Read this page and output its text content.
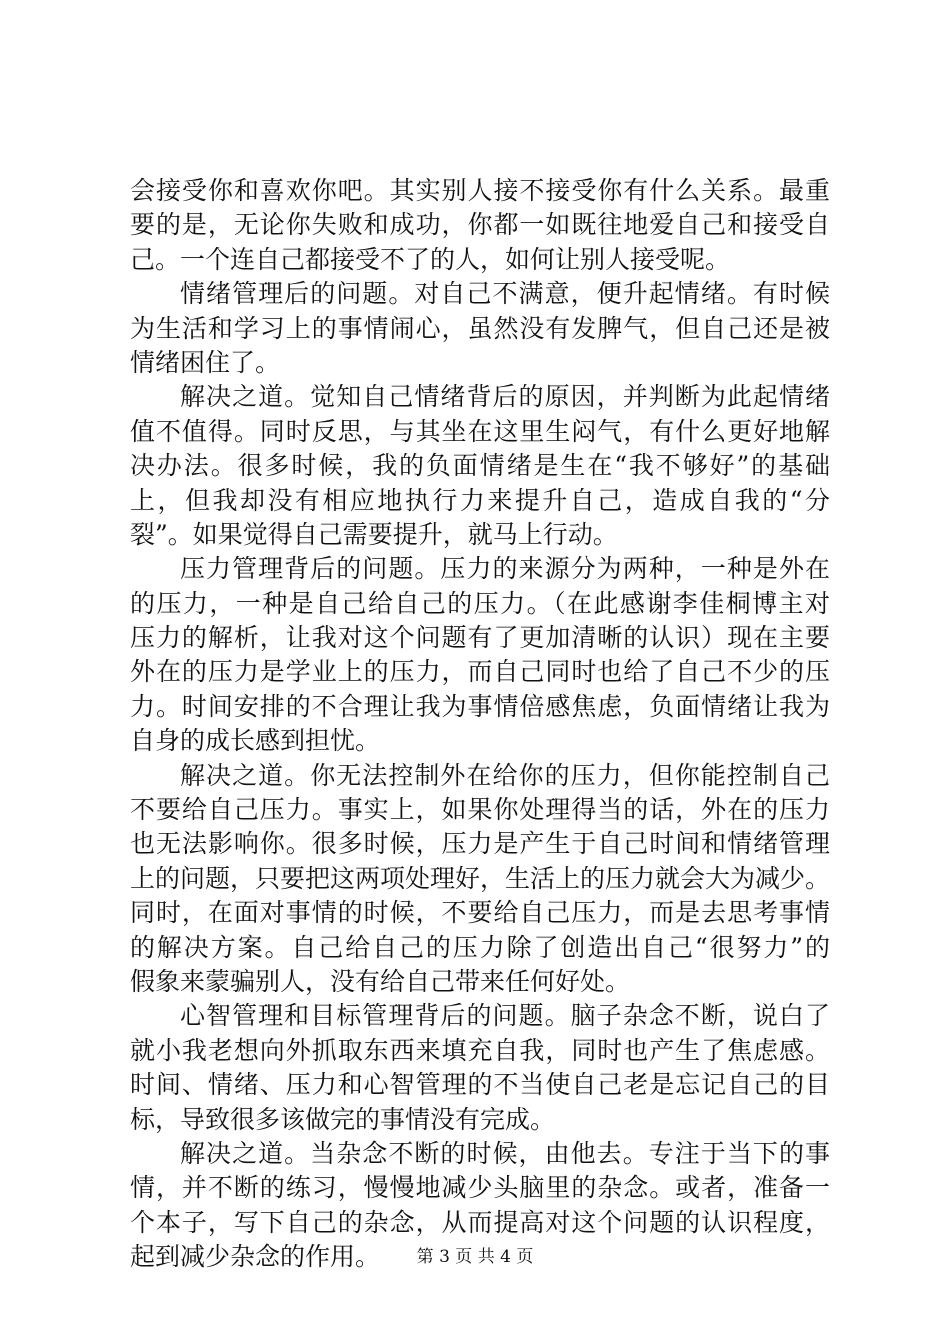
会接受你和喜欢你吧。其实别人接不接受你有什么关系。最重
要的是，无论你失败和成功，你都一如既往地爱自己和接受自
己。一个连自己都接受不了的人，如何让别人接受呢。
情绪管理后的问题。对自己不满意，便升起情绪。有时候
为生活和学习上的事情闹心，虽然没有发脾气，但自己还是被
情绪困住了。
解决之道。觉知自己情绪背后的原因，并判断为此起情绪
值不值得。同时反思，与其坐在这里生闷气，有什么更好地解
决办法。很多时候，我的负面情绪是生在“我不够好”的基础
上，但我却没有相应地执行力来提升自己，造成自我的“分
裂”。如果觉得自己需要提升，就马上行动。
压力管理背后的问题。压力的来源分为两种，一种是外在
的压力，一种是自己给自己的压力。（在此感谢李佳桐博主对
压力的解析，让我对这个问题有了更加清晰的认识）现在主要
外在的压力是学业上的压力，而自己同时也给了自己不少的压
力。时间安排的不合理让我为事情倍感焦虑，负面情绪让我为
自身的成长感到担忧。
解决之道。你无法控制外在给你的压力，但你能控制自己
不要给自己压力。事实上，如果你处理得当的话，外在的压力
也无法影响你。很多时候，压力是产生于自己时间和情绪管理
上的问题，只要把这两项处理好，生活上的压力就会大为减少。
同时，在面对事情的时候，不要给自己压力，而是去思考事情
的解决方案。自己给自己的压力除了创造出自己“很努力”的
假象来蒙骗别人，没有给自己带来任何好处。
心智管理和目标管理背后的问题。脑子杂念不断，说白了
就小我老想向外抓取东西来填充自我，同时也产生了焦虑感。
时间、情绪、压力和心智管理的不当使自己老是忘记自己的目
标，导致很多该做完的事情没有完成。
解决之道。当杂念不断的时候，由他去。专注于当下的事
情，并不断的练习，慢慢地减少头脑里的杂念。或者，准备一
个本子，写下自己的杂念，从而提高对这个问题的认识程度，
起到减少杂念的作用。	第 3 页 共 4 页
